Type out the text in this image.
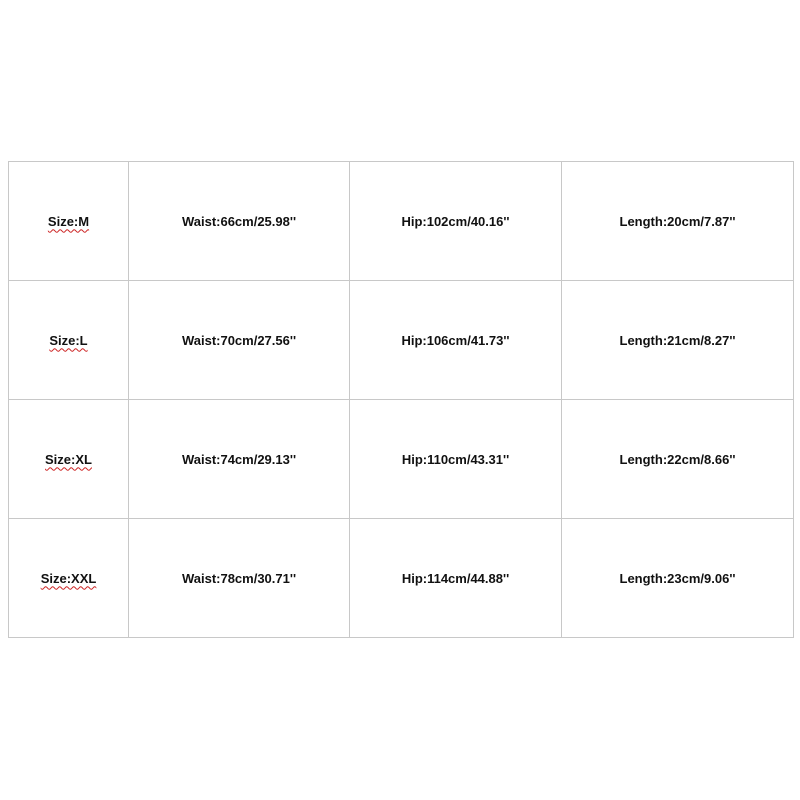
Size:M	Waist:66cm/25.98''	Hip:102cm/40.16''	Length:20cm/7.87''
Size:L	Waist:70cm/27.56''	Hip:106cm/41.73''	Length:21cm/8.27''
Size:XL	Waist:74cm/29.13''	Hip:110cm/43.31''	Length:22cm/8.66''
Size:XXL	Waist:78cm/30.71''	Hip:114cm/44.88''	Length:23cm/9.06''
